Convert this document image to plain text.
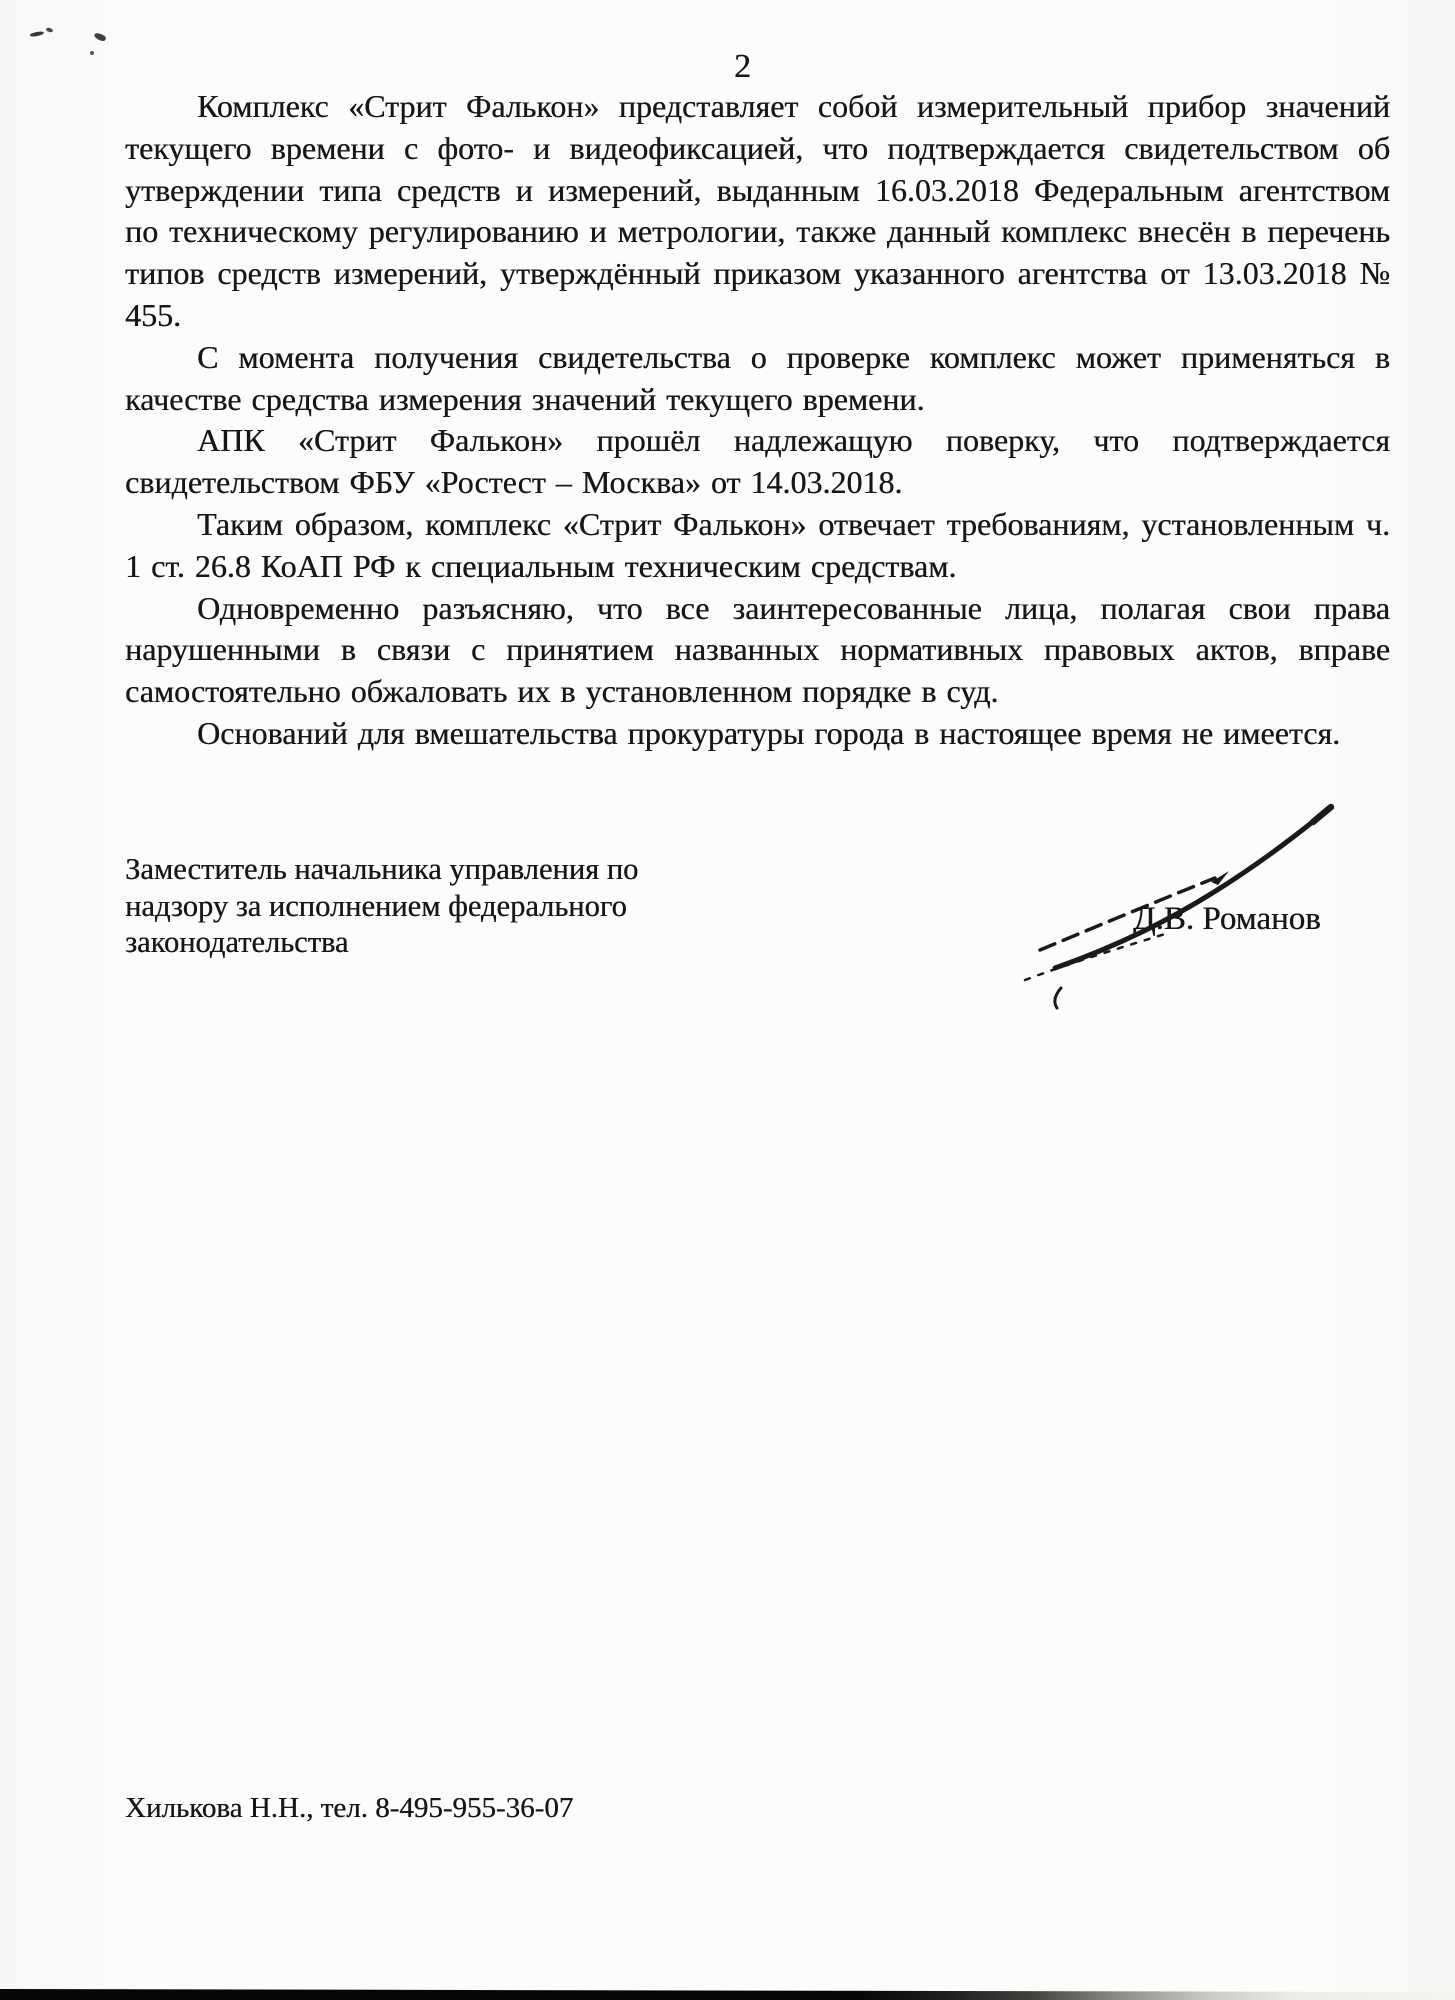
2

Комплекс «Стрит Фалькон» представляет собой измерительный прибор значений текущего времени с фото- и видеофиксацией, что подтверждается свидетельством об утверждении типа средств и измерений, выданным 16.03.2018 Федеральным агентством по техническому регулированию и метрологии, также данный комплекс внесён в перечень типов средств измерений, утверждённый приказом указанного агентства от 13.03.2018 № 455.

С момента получения свидетельства о проверке комплекс может применяться в качестве средства измерения значений текущего времени.

АПК «Стрит Фалькон» прошёл надлежащую поверку, что подтверждается свидетельством ФБУ «Ростест – Москва» от 14.03.2018.

Таким образом, комплекс «Стрит Фалькон» отвечает требованиям, установленным ч. 1 ст. 26.8 КоАП РФ к специальным техническим средствам.

Одновременно разъясняю, что все заинтересованные лица, полагая свои права нарушенными в связи с принятием названных нормативных правовых актов, вправе самостоятельно обжаловать их в установленном порядке в суд.

Оснований для вмешательства прокуратуры города в настоящее время не имеется.

Заместитель начальника управления по
надзору за исполнением федерального
законодательства
Д.В. Романов
Хилькова Н.Н., тел. 8-495-955-36-07
